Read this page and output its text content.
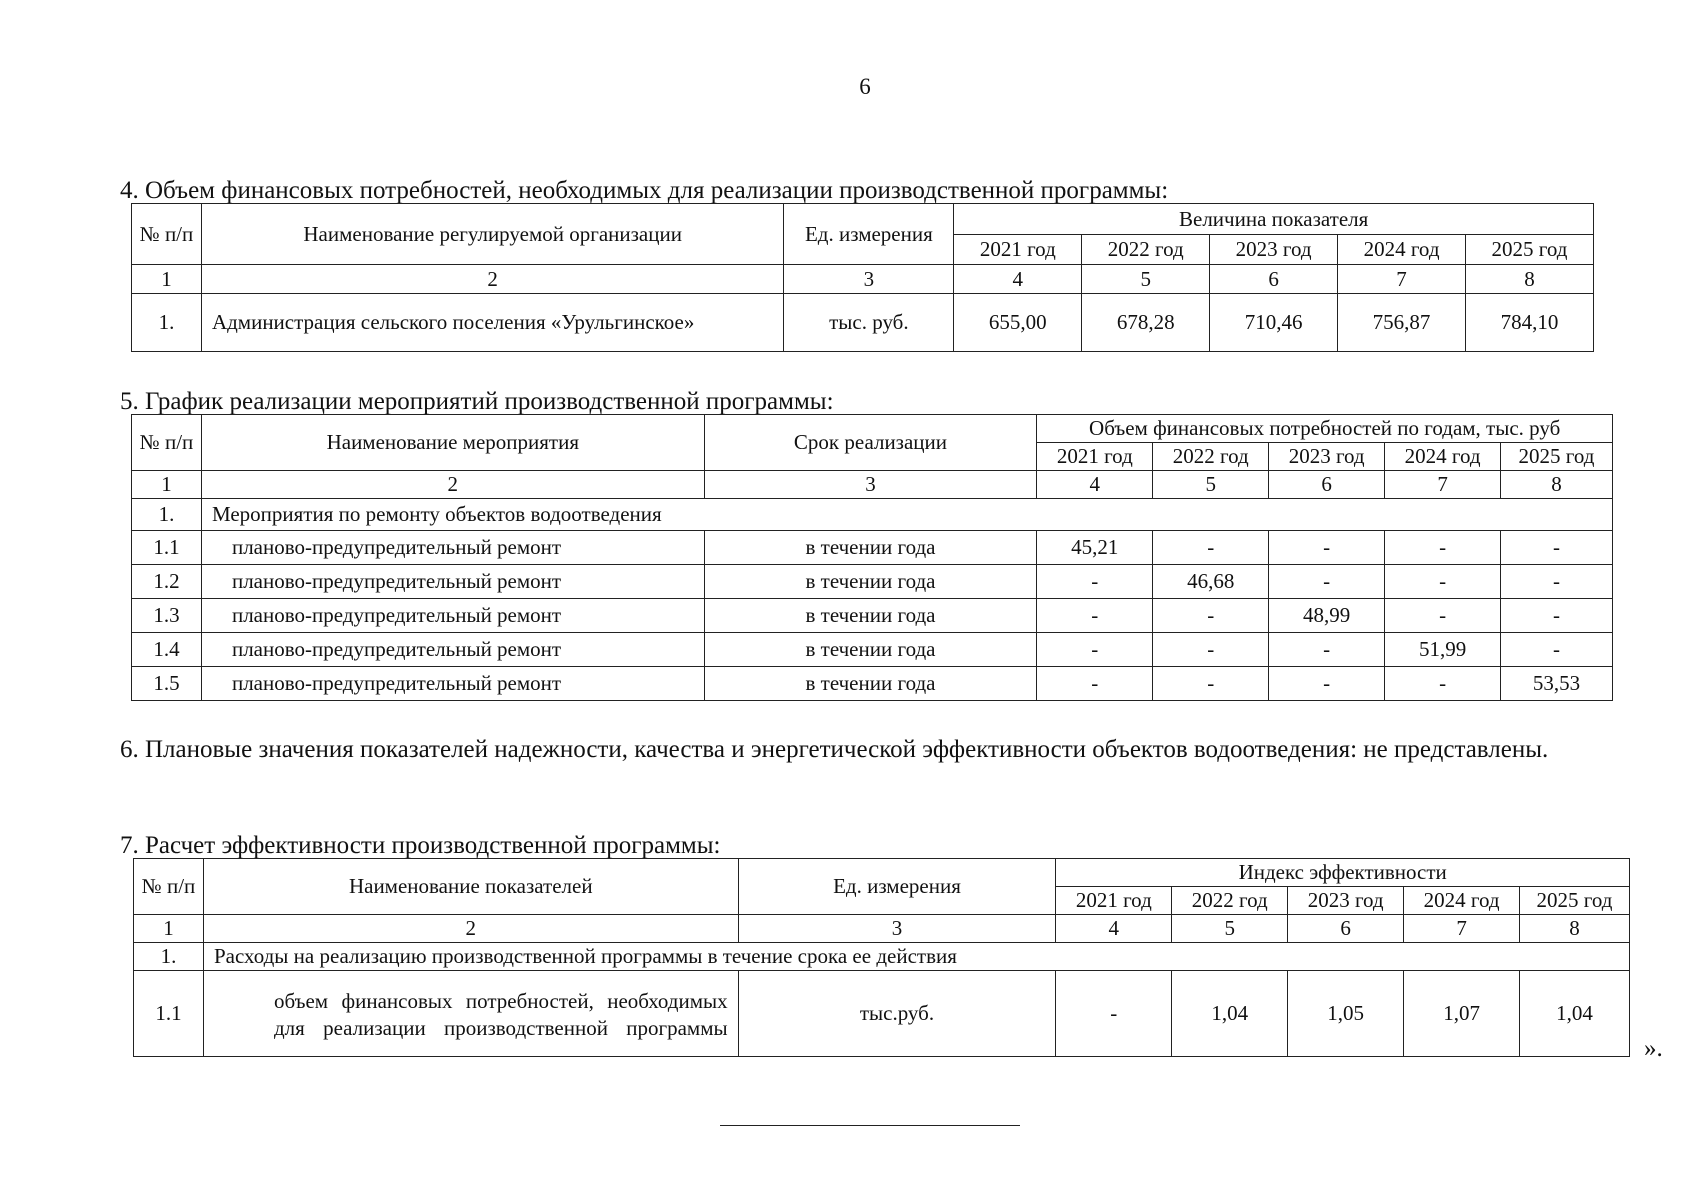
6
4. Объем финансовых потребностей, необходимых для реализации производственной программы:
№ п/п	Наименование регулируемой организации	Ед. измерения	Величина показателя				
			2021 год	2022 год	2023 год	2024 год	2025 год
1	2	3	4	5	6	7	8
1.	Администрация сельского поселения «Урульгинское»	тыс. руб.	655,00	678,28	710,46	756,87	784,10
5. График реализации мероприятий производственной программы:
№ п/п	Наименование мероприятия	Срок реализации	Объем финансовых потребностей по годам, тыс. руб				
			2021 год	2022 год	2023 год	2024 год	2025 год
1	2	3	4	5	6	7	8
1.	Мероприятия по ремонту объектов водоотведения						
1.1	планово-предупредительный ремонт	в течении года	45,21	-	-	-	-
1.2	планово-предупредительный ремонт	в течении года	-	46,68	-	-	-
1.3	планово-предупредительный ремонт	в течении года	-	-	48,99	-	-
1.4	планово-предупредительный ремонт	в течении года	-	-	-	51,99	-
1.5	планово-предупредительный ремонт	в течении года	-	-	-	-	53,53
6. Плановые значения показателей надежности, качества и энергетической эффективности объектов водоотведения: не представлены.
7. Расчет эффективности производственной программы:
№ п/п	Наименование показателей	Ед. измерения	Индекс эффективности				
			2021 год	2022 год	2023 год	2024 год	2025 год
1	2	3	4	5	6	7	8
1.	Расходы на реализацию производственной программы в течение срока ее действия						
1.1	объем финансовых потребностей, необходимых для реализации производственной программы	тыс.руб.	-	1,04	1,05	1,07	1,04
».
